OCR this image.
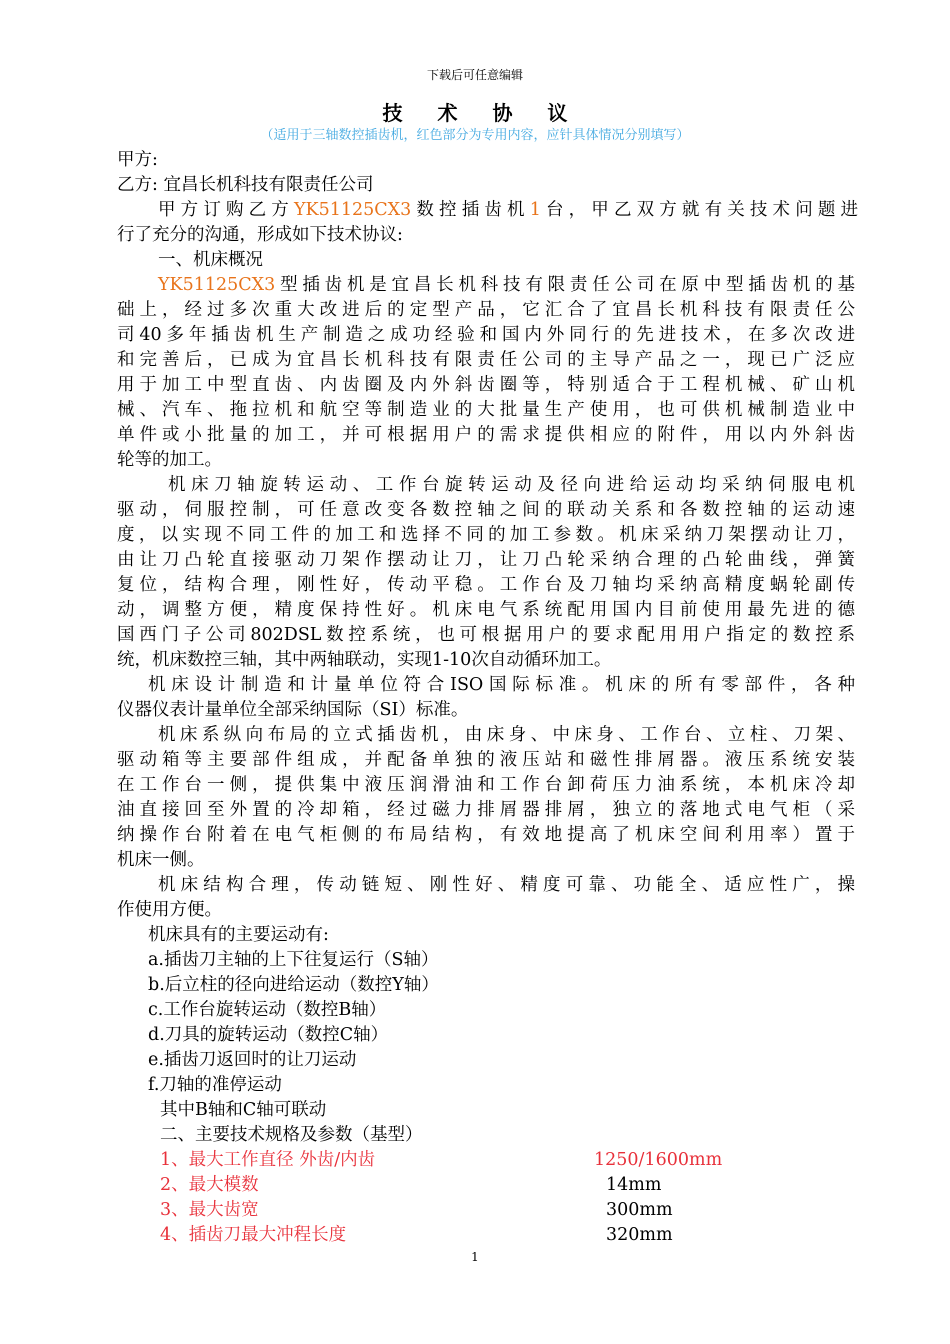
下载后可任意编辑
技 术 协 议
（适用于三轴数控插齿机，红色部分为专用内容，应针具体情况分别填写）
甲方:
乙方: 宜昌长机科技有限责任公司
甲方订购乙方YK51125CX3数控插齿机1台，甲乙双方就有关技术问题进
行了充分的沟通，形成如下技术协议:
一、机床概况
YK51125CX3型插齿机是宜昌长机科技有限责任公司在原中型插齿机的基
础上，经过多次重大改进后的定型产品，它汇合了宜昌长机科技有限责任公
司40多年插齿机生产制造之成功经验和国内外同行的先进技术，在多次改进
和完善后，已成为宜昌长机科技有限责任公司的主导产品之一，现已广泛应
用于加工中型直齿、内齿圈及内外斜齿圈等，特别适合于工程机械、矿山机
械、汽车、拖拉机和航空等制造业的大批量生产使用，也可供机械制造业中
单件或小批量的加工，并可根据用户的需求提供相应的附件，用以内外斜齿
轮等的加工。
机床刀轴旋转运动、工作台旋转运动及径向进给运动均采纳伺服电机
驱动，伺服控制，可任意改变各数控轴之间的联动关系和各数控轴的运动速
度，以实现不同工件的加工和选择不同的加工参数。机床采纳刀架摆动让刀，
由让刀凸轮直接驱动刀架作摆动让刀，让刀凸轮采纳合理的凸轮曲线，弹簧
复位，结构合理，刚性好，传动平稳。工作台及刀轴均采纳高精度蜗轮副传
动，调整方便，精度保持性好。机床电气系统配用国内目前使用最先进的德
国西门子公司802DSL数控系统，也可根据用户的要求配用用户指定的数控系
统，机床数控三轴，其中两轴联动，实现1-10次自动循环加工。
机床设计制造和计量单位符合ISO国际标准。机床的所有零部件，各种
仪器仪表计量单位全部采纳国际（SI）标准。
机床系纵向布局的立式插齿机，由床身、中床身、工作台、立柱、刀架、
驱动箱等主要部件组成，并配备单独的液压站和磁性排屑器。液压系统安装
在工作台一侧，提供集中液压润滑油和工作台卸荷压力油系统，本机床冷却
油直接回至外置的冷却箱，经过磁力排屑器排屑，独立的落地式电气柜（采
纳操作台附着在电气柜侧的布局结构，有效地提高了机床空间利用率）置于
机床一侧。
机床结构合理，传动链短、刚性好、精度可靠、功能全、适应性广，操
作使用方便。
机床具有的主要运动有:
a.插齿刀主轴的上下往复运行（S轴）
b.后立柱的径向进给运动（数控Y轴）
c.工作台旋转运动（数控B轴）
d.刀具的旋转运动（数控C轴）
e.插齿刀返回时的让刀运动
f.刀轴的准停运动
其中B轴和C轴可联动
二、主要技术规格及参数（基型）
1、最大工作直径 外齿/内齿	1250/1600mm
2、最大模数	14mm
3、最大齿宽	300mm
4、插齿刀最大冲程长度	320mm
1
